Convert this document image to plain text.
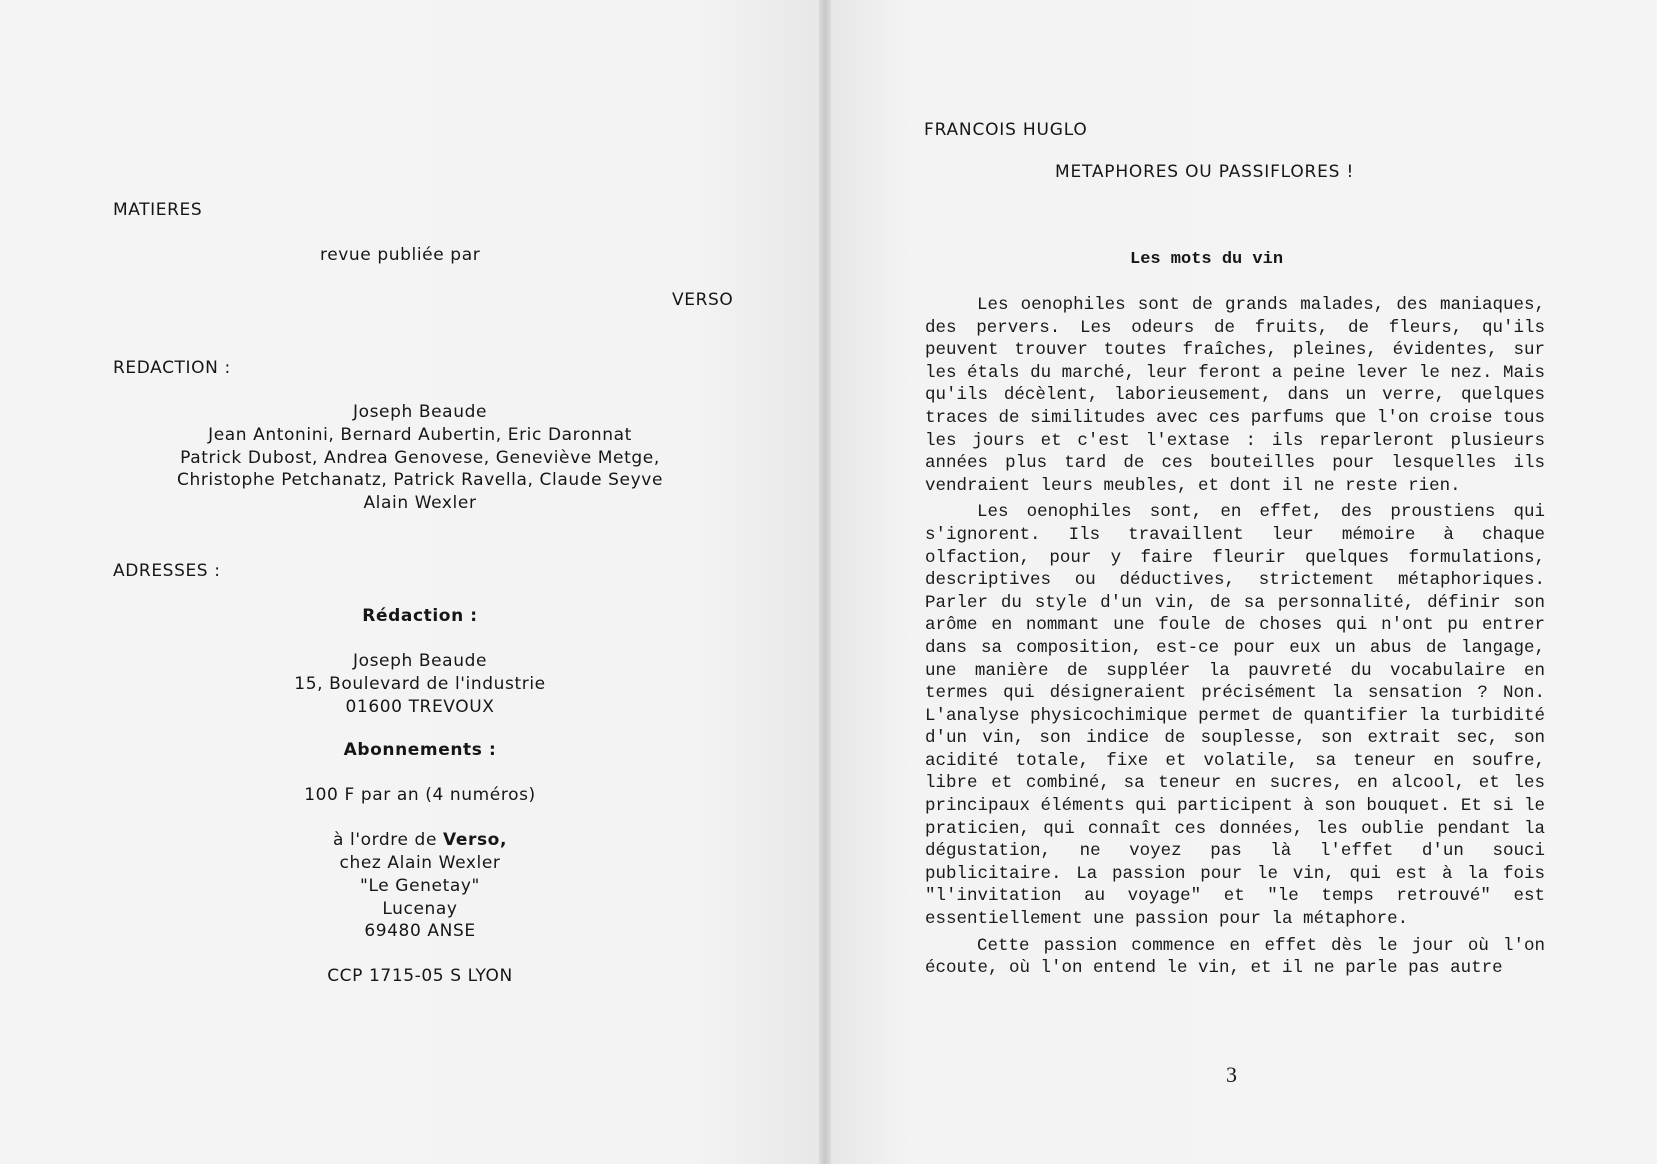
MATIERES
revue publiée par
VERSO
REDACTION :
Joseph Beaude
Jean Antonini, Bernard Aubertin, Eric Daronnat
Patrick Dubost, Andrea Genovese, Geneviève Metge,
Christophe Petchanatz, Patrick Ravella, Claude Seyve
Alain Wexler
ADRESSES :
Rédaction :
Joseph Beaude
15, Boulevard de l'industrie
01600 TREVOUX
Abonnements :
100 F par an (4 numéros)
à l'ordre de Verso,
chez Alain Wexler
"Le Genetay"
Lucenay
69480 ANSE
CCP 1715-05 S LYON
FRANCOIS HUGLO
METAPHORES OU PASSIFLORES !
Les mots du vin

Les oenophiles sont de grands malades, des maniaques, des pervers. Les odeurs de fruits, de fleurs, qu'ils peuvent trouver toutes fraîches, pleines, évidentes, sur les étals du marché, leur feront a peine lever le nez. Mais qu'ils décèlent, laborieusement, dans un verre, quelques traces de similitudes avec ces parfums que l'on croise tous les jours et c'est l'extase : ils reparleront plusieurs années plus tard de ces bouteilles pour lesquelles ils vendraient leurs meubles, et dont il ne reste rien.

Les oenophiles sont, en effet, des proustiens qui s'ignorent. Ils travaillent leur mémoire à chaque olfaction, pour y faire fleurir quelques formulations, descriptives ou déductives, strictement métaphoriques. Parler du style d'un vin, de sa personnalité, définir son arôme en nommant une foule de choses qui n'ont pu entrer dans sa composition, est-ce pour eux un abus de langage, une manière de suppléer la pauvreté du vocabulaire en termes qui désigneraient précisément la sensation ? Non. L'analyse physicochimique permet de quantifier la turbidité d'un vin, son indice de souplesse, son extrait sec, son acidité totale, fixe et volatile, sa teneur en soufre, libre et combiné, sa teneur en sucres, en alcool, et les principaux éléments qui participent à son bouquet. Et si le praticien, qui connaît ces données, les oublie pendant la dégustation, ne voyez pas là l'effet d'un souci publicitaire. La passion pour le vin, qui est à la fois "l'invitation au voyage" et "le temps retrouvé" est essentiellement une passion pour la métaphore.

Cette passion commence en effet dès le jour où l'on écoute, où l'on entend le vin, et il ne parle pas autre

3
